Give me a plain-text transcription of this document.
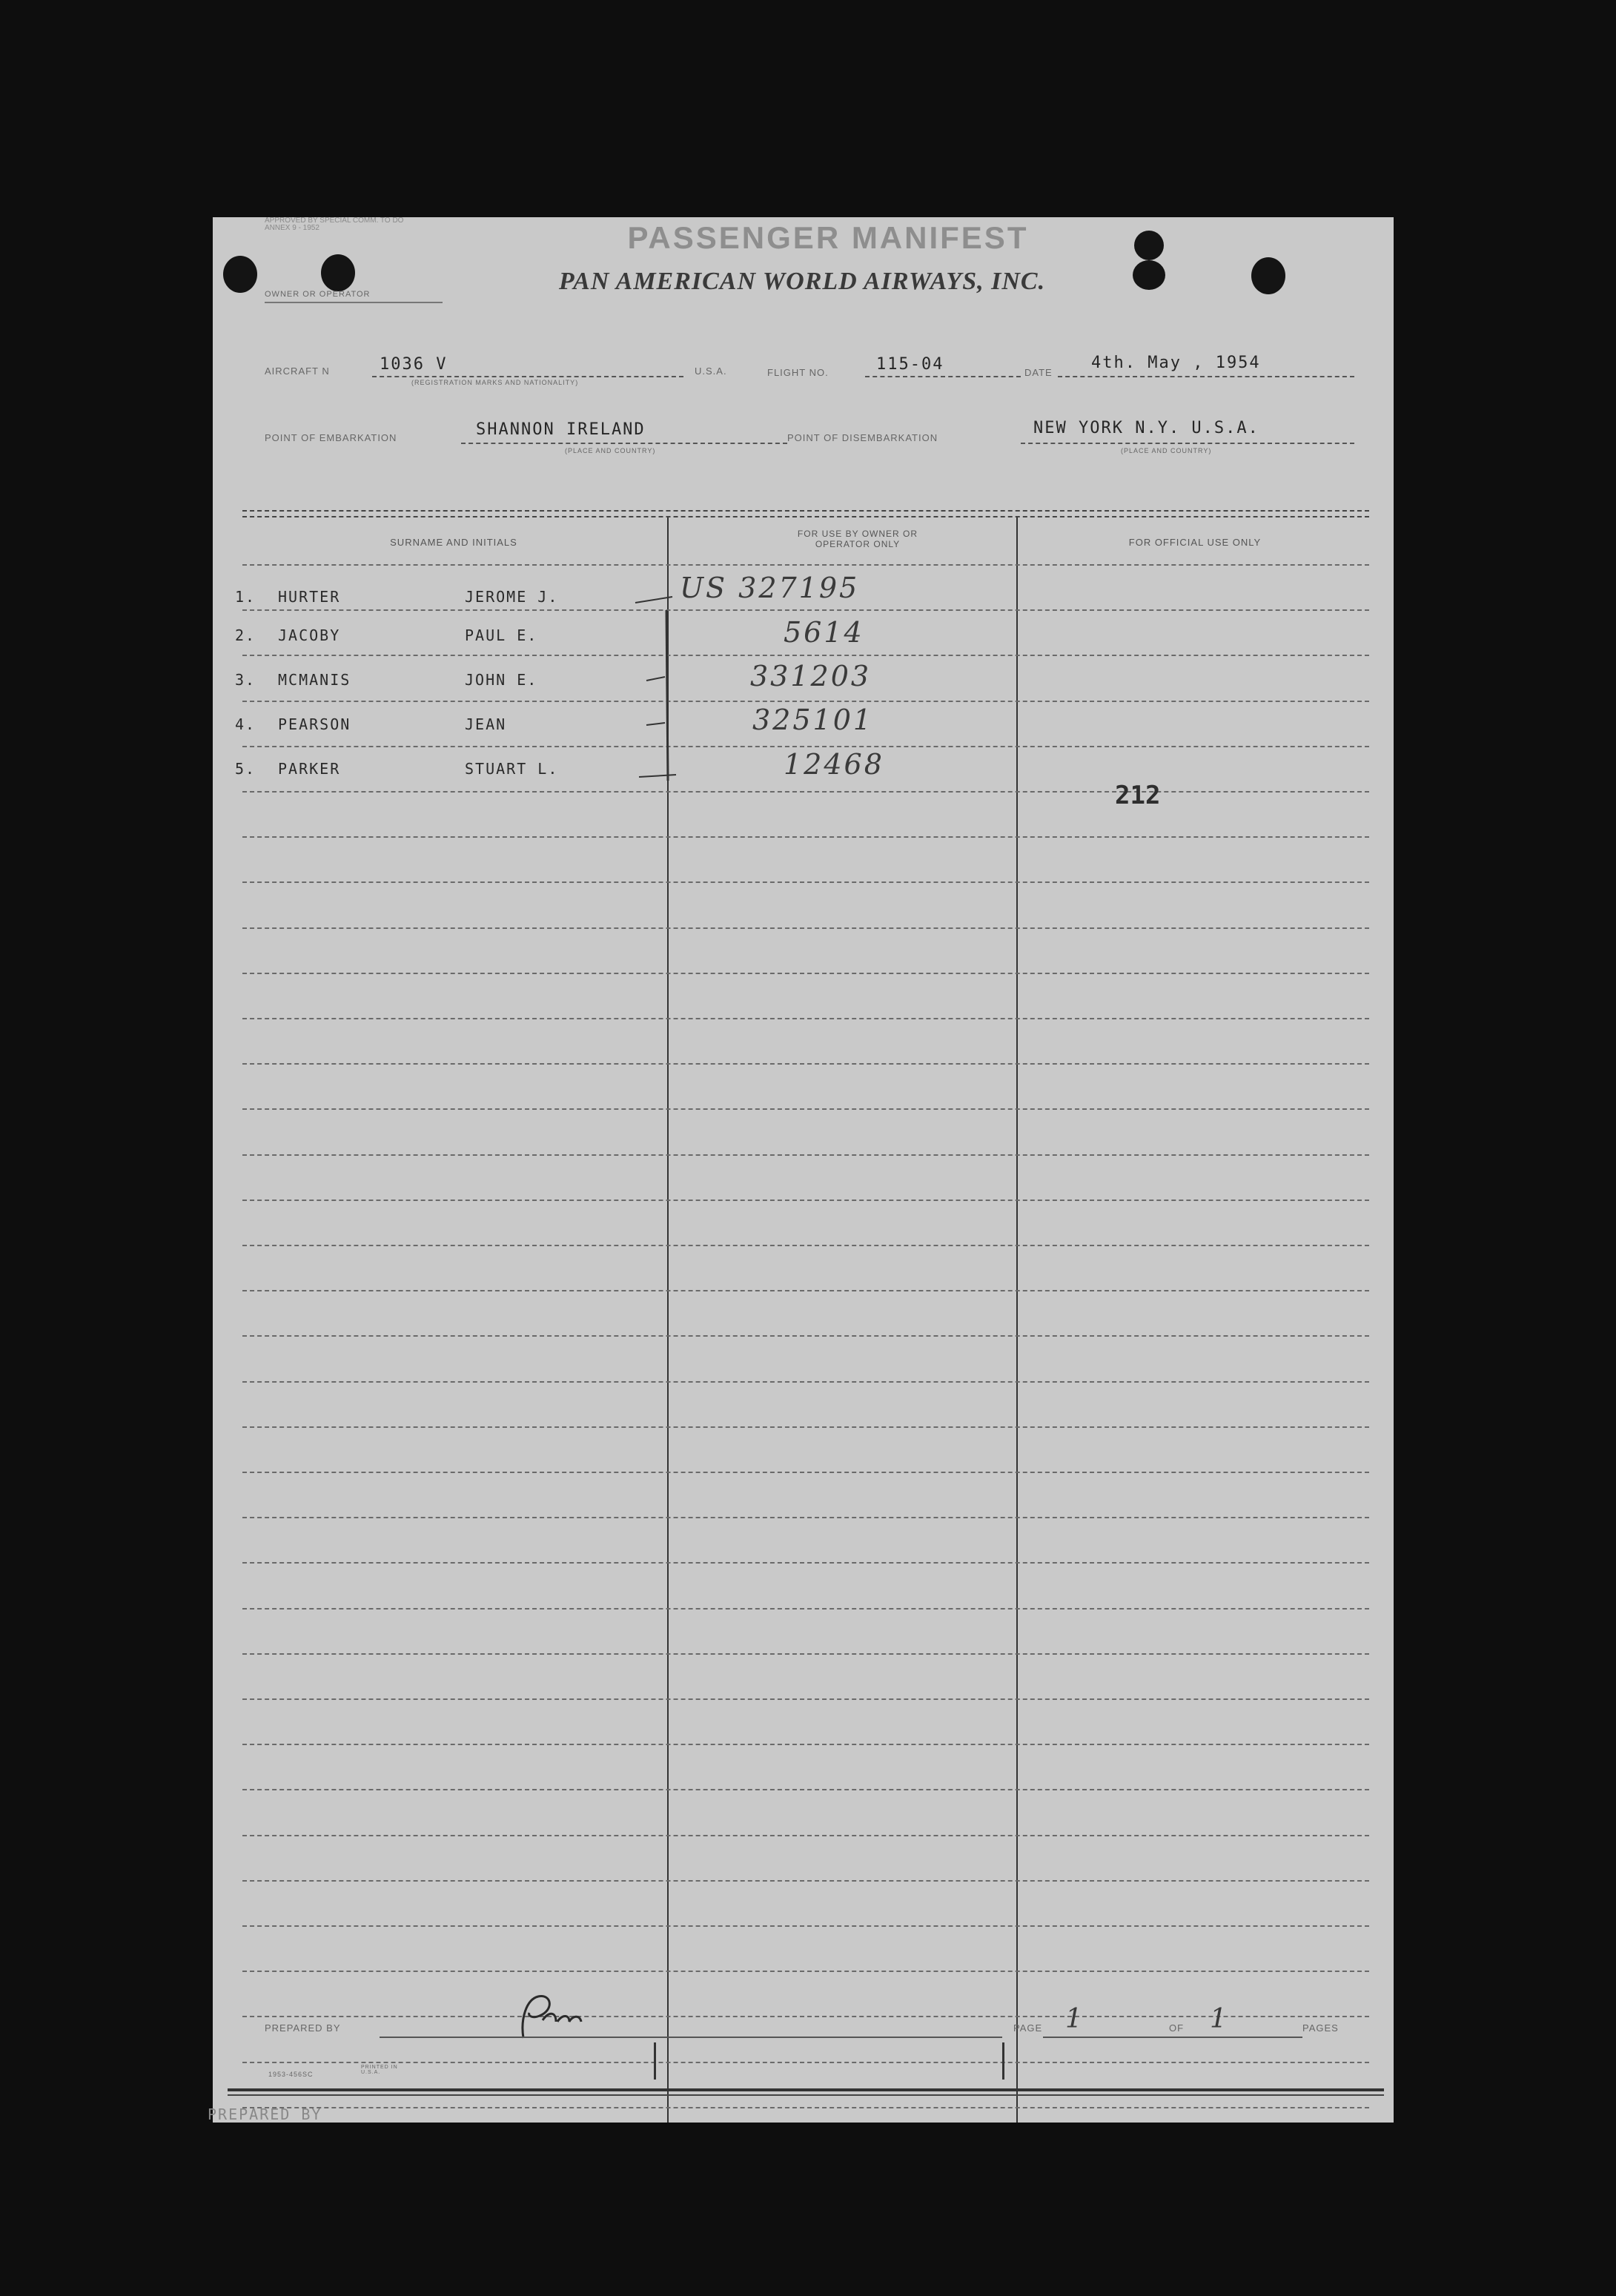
APPROVED BY SPECIAL COMM. TO DO ANNEX 9 - 1952	PASSENGER MANIFEST
PAN AMERICAN WORLD AIRWAYS, INC.
OWNER OR OPERATOR
AIRCRAFT N	1036 V
(REGISTRATION MARKS AND NATIONALITY)
U.S.A.	FLIGHT NO.	115-04	DATE
4th. May , 1954
POINT OF EMBARKATION	SHANNON IRELAND
(PLACE AND COUNTRY)
POINT OF DISEMBARKATION
NEW YORK N.Y. U.S.A.
(PLACE AND COUNTRY)
SURNAME AND INITIALS
FOR USE BY OWNER OR OPERATOR ONLY	FOR OFFICIAL USE ONLY
1. HURTER	JEROME J.	US 327195
2. JACOBY	PAUL E.	5614
3. MCMANIS	JOHN E.	331203
4. PEARSON	JEAN	325101
5. PARKER	STUART L.	12468
212
PREPARED BY	PAGE 1	OF 1	PAGES
1953-456SC
PRINTED IN U.S.A.
PREPARED BY
